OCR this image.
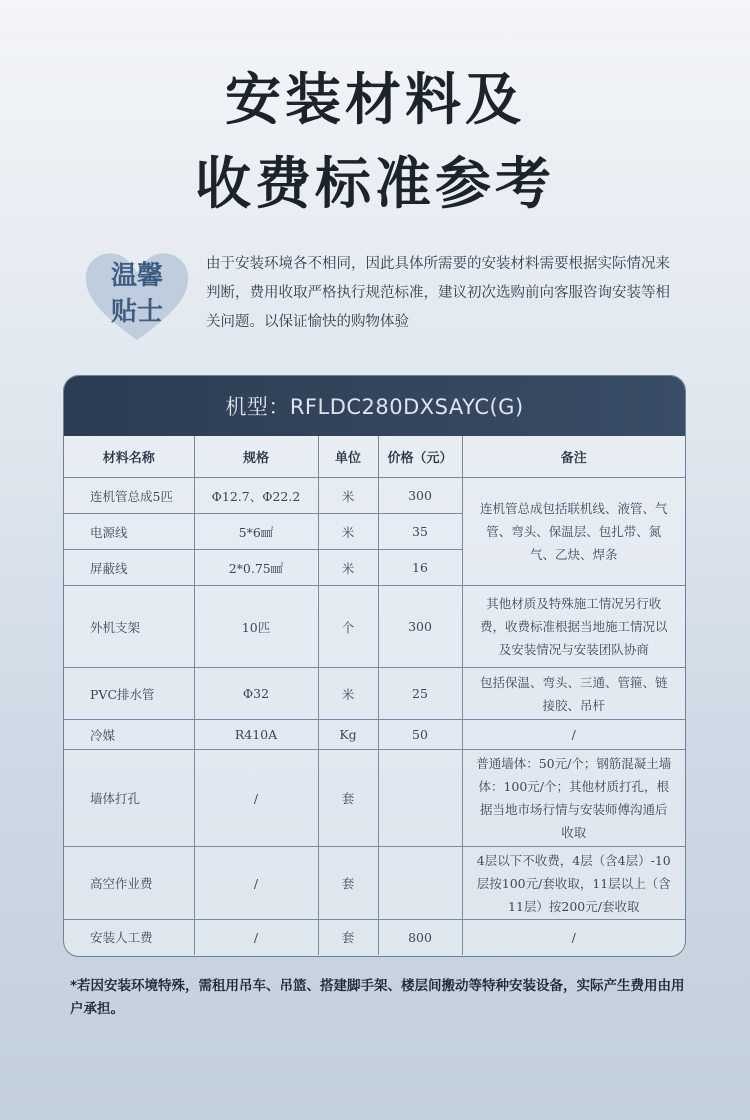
安装材料及
收费标准参考
温馨
贴士
由于安装环境各不相同，因此具体所需要的安装材料需要根据实际情况来判断，费用收取严格执行规范标准，建议初次选购前向客服咨询安装等相关问题。以保证愉快的购物体验
机型：RFLDC280DXSAYC(G)
材料名称	规格	单位	价格（元）	备注
连机管总成5匹	Φ12.7、Φ22.2	米	300	连机管总成包括联机线、液管、气管、弯头、保温层、包扎带、氮气、乙炔、焊条
电源线	5*6㎟	米	35	
屏蔽线	2*0.75㎟	米	16	
外机支架	10匹	个	300	其他材质及特殊施工情况另行收费，收费标准根据当地施工情况以及安装情况与安装团队协商
PVC排水管	Φ32	米	25	包括保温、弯头、三通、管箍、链接胶、吊杆
冷媒	R410A	Kg	50	/
墙体打孔	/	套		普通墙体：50元/个；钢筋混凝土墙体：100元/个；其他材质打孔，根据当地市场行情与安装师傅沟通后收取
高空作业费	/	套		4层以下不收费，4层（含4层）-10层按100元/套收取，11层以上（含11层）按200元/套收取
安装人工费	/	套	800	/
*若因安装环境特殊，需租用吊车、吊篮、搭建脚手架、楼层间搬动等特种安装设备，实际产生费用由用户承担。
